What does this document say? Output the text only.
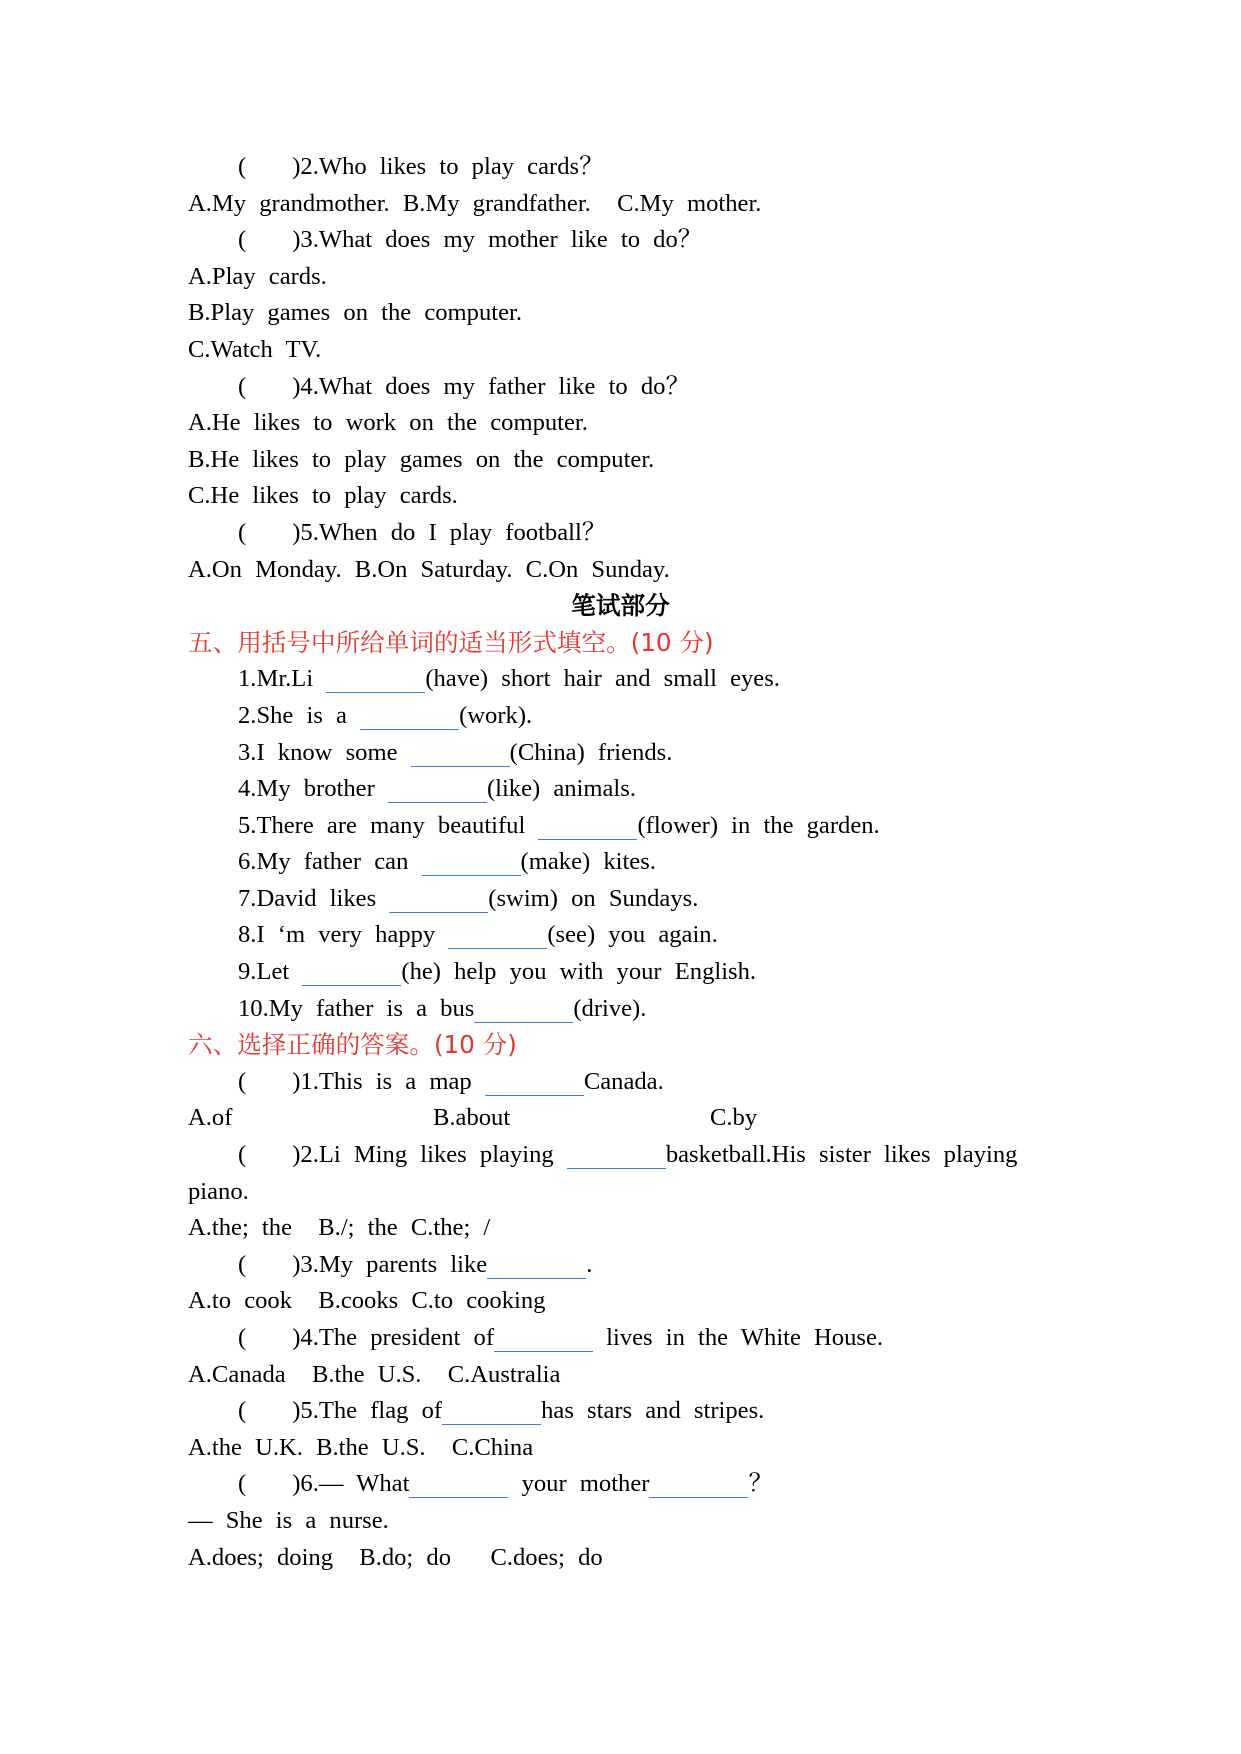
( )2.Who likes to play cards？
A.My grandmother. B.My grandfather.  C.My mother.
( )3.What does my mother like to do？
A.Play cards.
B.Play games on the computer.
C.Watch TV.
( )4.What does my father like to do？
A.He likes to work on the computer.
B.He likes to play games on the computer.
C.He likes to play cards.
( )5.When do I play football？
A.On Monday. B.On Saturday. C.On Sunday.
笔试部分
五、用括号中所给单词的适当形式填空。(10 分)
1.Mr.Li	(have) short hair and small eyes.
2.She is a	(work).
3.I know some	(China) friends.
4.My brother	(like) animals.
5.There are many beautiful	(flower) in the garden.
6.My father can	(make) kites.
7.David likes	(swim) on Sundays.
8.I ‘m very happy	(see) you again.
9.Let	(he) help you with your English.
10.My father is a bus	(drive).
六、选择正确的答案。(10 分)
( )1.This is a map	Canada.
A.of	B.about	C.by
( )2.Li Ming likes playing	basketball.His sister likes playing
piano.
A.the; the  B./; the C.the; /
( )3.My parents like	.
A.to cook  B.cooks C.to cooking
( )4.The president of	lives in the White House.
A.Canada  B.the U.S.  C.Australia
( )5.The flag of	has stars and stripes.
A.the U.K. B.the U.S.  C.China
( )6.— What	your mother	？
— She is a nurse.
A.does; doing  B.do; do   C.does; do
